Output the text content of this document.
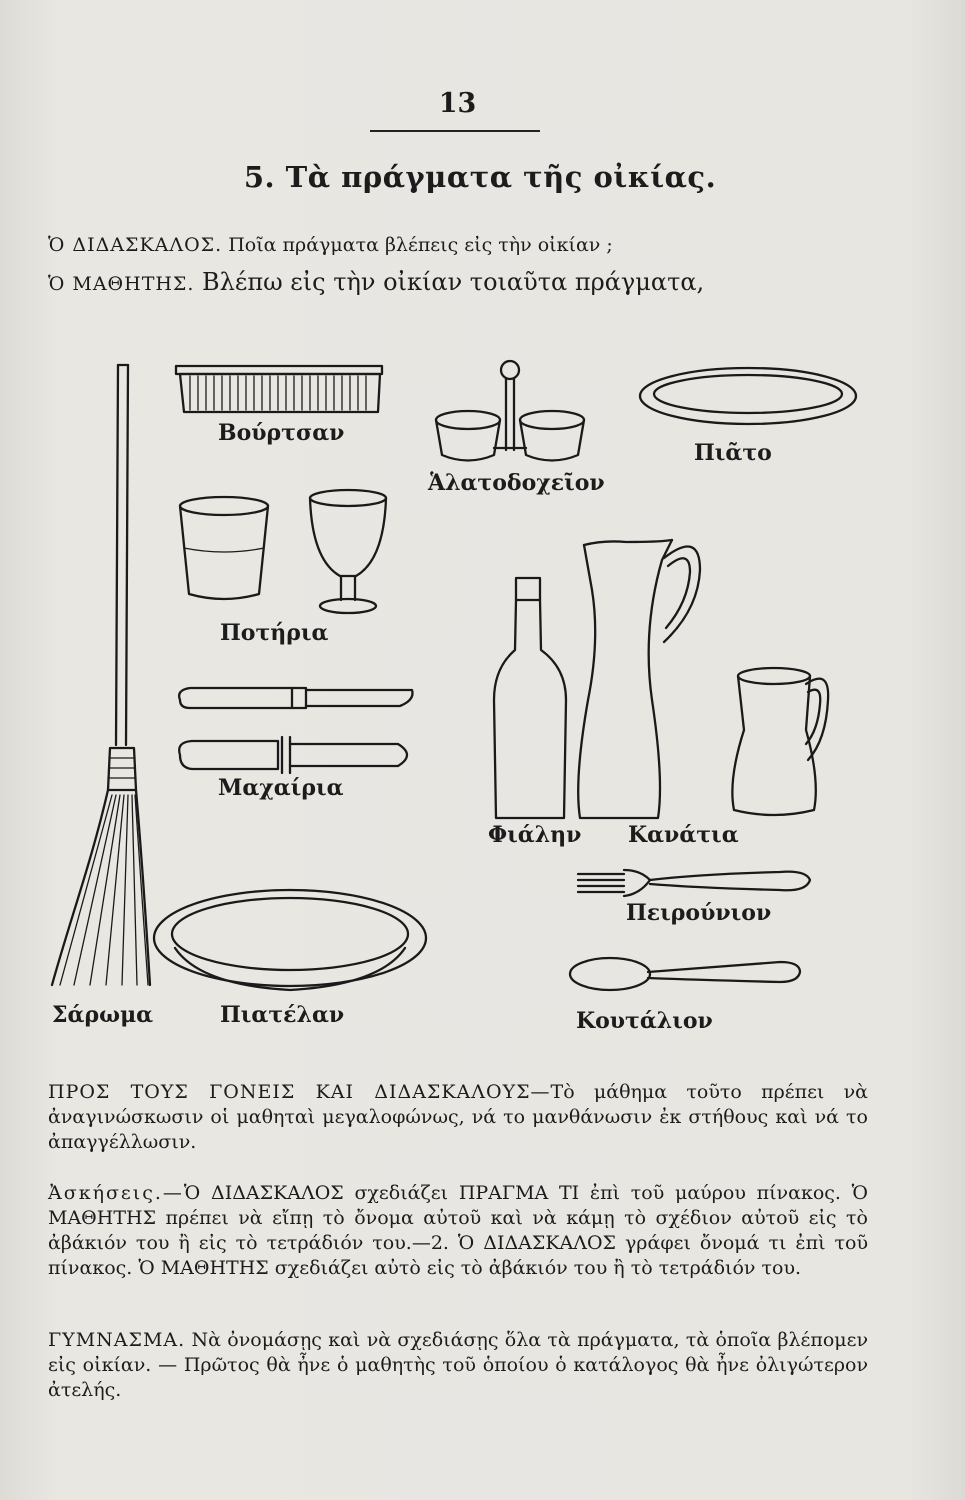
13
5. Τὰ πράγματα τῆς οἰκίας.
Ὁ ΔΙΔΑΣΚΑΛΟΣ. Ποῖα πράγματα βλέπεις εἰς τὴν οἰκίαν ;
Ὁ ΜΑΘΗΤΗΣ. Βλέπω εἰς τὴν οἰκίαν τοιαῦτα πράγματα,
Βούρτσαν
Ἁλατοδοχεῖον
Πιᾶτο
Ποτήρια
Μαχαίρια
Φιάλην Κανάτια
Πειρούνιον
Σάρωμα	Πιατέλαν	Κουτάλιον
ΠΡΟΣ ΤΟΥΣ ΓΟΝΕΙΣ ΚΑΙ ΔΙΔΑΣΚΑΛΟΥΣ—Τὸ μάθημα τοῦτο πρέπει νὰ ἀναγινώσκωσιν οἱ μαθηταὶ μεγαλοφώνως, νά το μανθάνωσιν ἐκ στήθους καὶ νά το ἀπαγγέλλωσιν.
Ἀσκήσεις.—Ὁ ΔΙΔΑΣΚΑΛΟΣ σχεδιάζει ΠΡΑΓΜΑ ΤΙ ἐπὶ τοῦ μαύρου πίνακος. Ὁ ΜΑΘΗΤΗΣ πρέπει νὰ εἴπῃ τὸ ὄνομα αὐτοῦ καὶ νὰ κάμῃ τὸ σχέδιον αὐτοῦ εἰς τὸ ἀβάκιόν του ἢ εἰς τὸ τετράδιόν του.—2. Ὁ ΔΙΔΑΣΚΑΛΟΣ γράφει ὄνομά τι ἐπὶ τοῦ πίνακος. Ὁ ΜΑΘΗΤΗΣ σχεδιάζει αὐτὸ εἰς τὸ ἀβάκιόν του ἢ τὸ τετράδιόν του.
ΓΥΜΝΑΣΜΑ. Νὰ ὀνομάσῃς καὶ νὰ σχεδιάσῃς ὅλα τὰ πράγματα, τὰ ὁποῖα βλέπομεν εἰς οἰκίαν. — Πρῶτος θὰ ἦνε ὁ μαθητὴς τοῦ ὁποίου ὁ κατάλογος θὰ ἦνε ὀλιγώτερον ἀτελής.
